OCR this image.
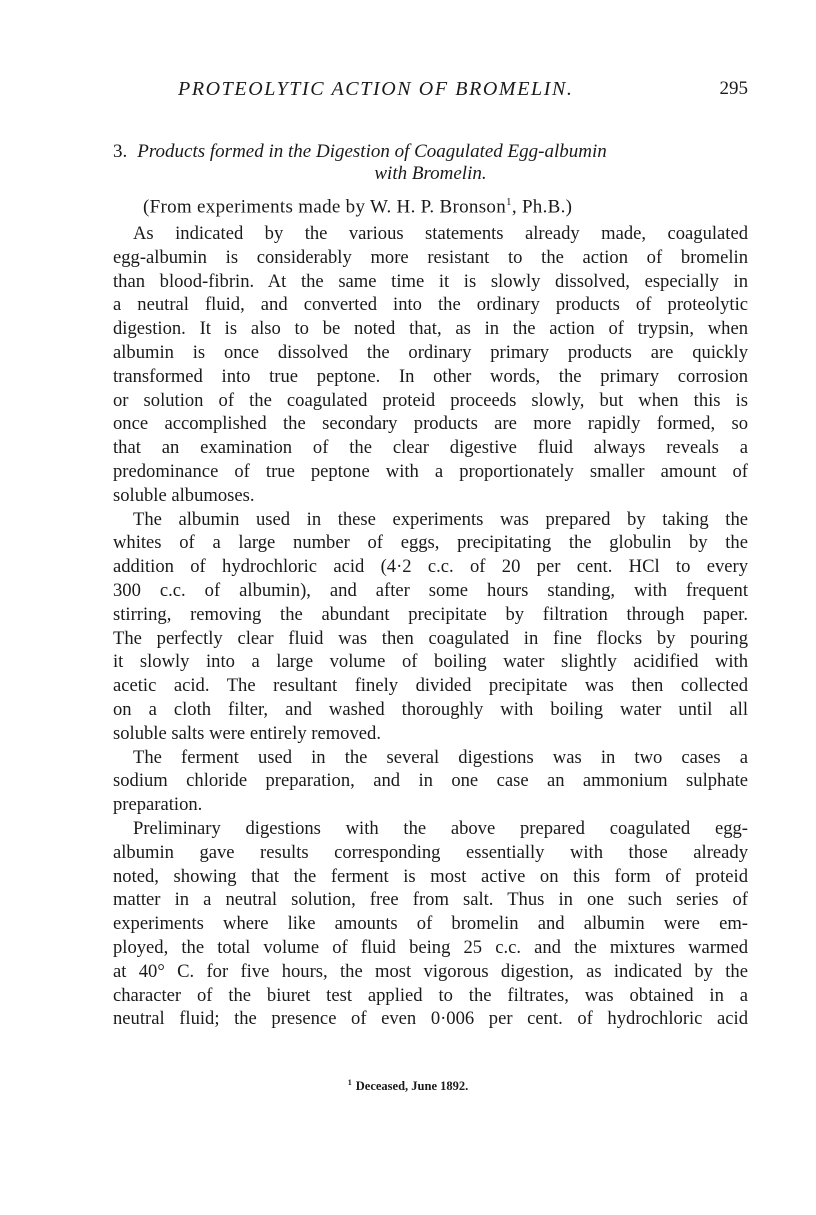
PROTEOLYTIC ACTION OF BROMELIN.	295
3. Products formed in the Digestion of Coagulated Egg-albumin
with Bromelin.
(From experiments made by W. H. P. Bronson$^1$, Ph.B.)
As indicated by the various statements already made, coagulated
egg-albumin is considerably more resistant to the action of bromelin
than blood-fibrin. At the same time it is slowly dissolved, especially in
a neutral fluid, and converted into the ordinary products of proteolytic
digestion. It is also to be noted that, as in the action of trypsin, when
albumin is once dissolved the ordinary primary products are quickly
transformed into true peptone. In other words, the primary corrosion
or solution of the coagulated proteid proceeds slowly, but when this is
once accomplished the secondary products are more rapidly formed, so
that an examination of the clear digestive fluid always reveals a
predominance of true peptone with a proportionately smaller amount of
soluble albumoses.
The albumin used in these experiments was prepared by taking the
whites of a large number of eggs, precipitating the globulin by the
addition of hydrochloric acid (4·2 c.c. of 20 per cent. HCl to every
300 c.c. of albumin), and after some hours standing, with frequent
stirring, removing the abundant precipitate by filtration through paper.
The perfectly clear fluid was then coagulated in fine flocks by pouring
it slowly into a large volume of boiling water slightly acidified with
acetic acid. The resultant finely divided precipitate was then collected
on a cloth filter, and washed thoroughly with boiling water until all
soluble salts were entirely removed.
The ferment used in the several digestions was in two cases a
sodium chloride preparation, and in one case an ammonium sulphate
preparation.
Preliminary digestions with the above prepared coagulated egg-
albumin gave results corresponding essentially with those already
noted, showing that the ferment is most active on this form of proteid
matter in a neutral solution, free from salt. Thus in one such series of
experiments where like amounts of bromelin and albumin were em-
ployed, the total volume of fluid being 25 c.c. and the mixtures warmed
at 40° C. for five hours, the most vigorous digestion, as indicated by the
character of the biuret test applied to the filtrates, was obtained in a
neutral fluid; the presence of even 0·006 per cent. of hydrochloric acid
$^1$ Deceased, June 1892.
